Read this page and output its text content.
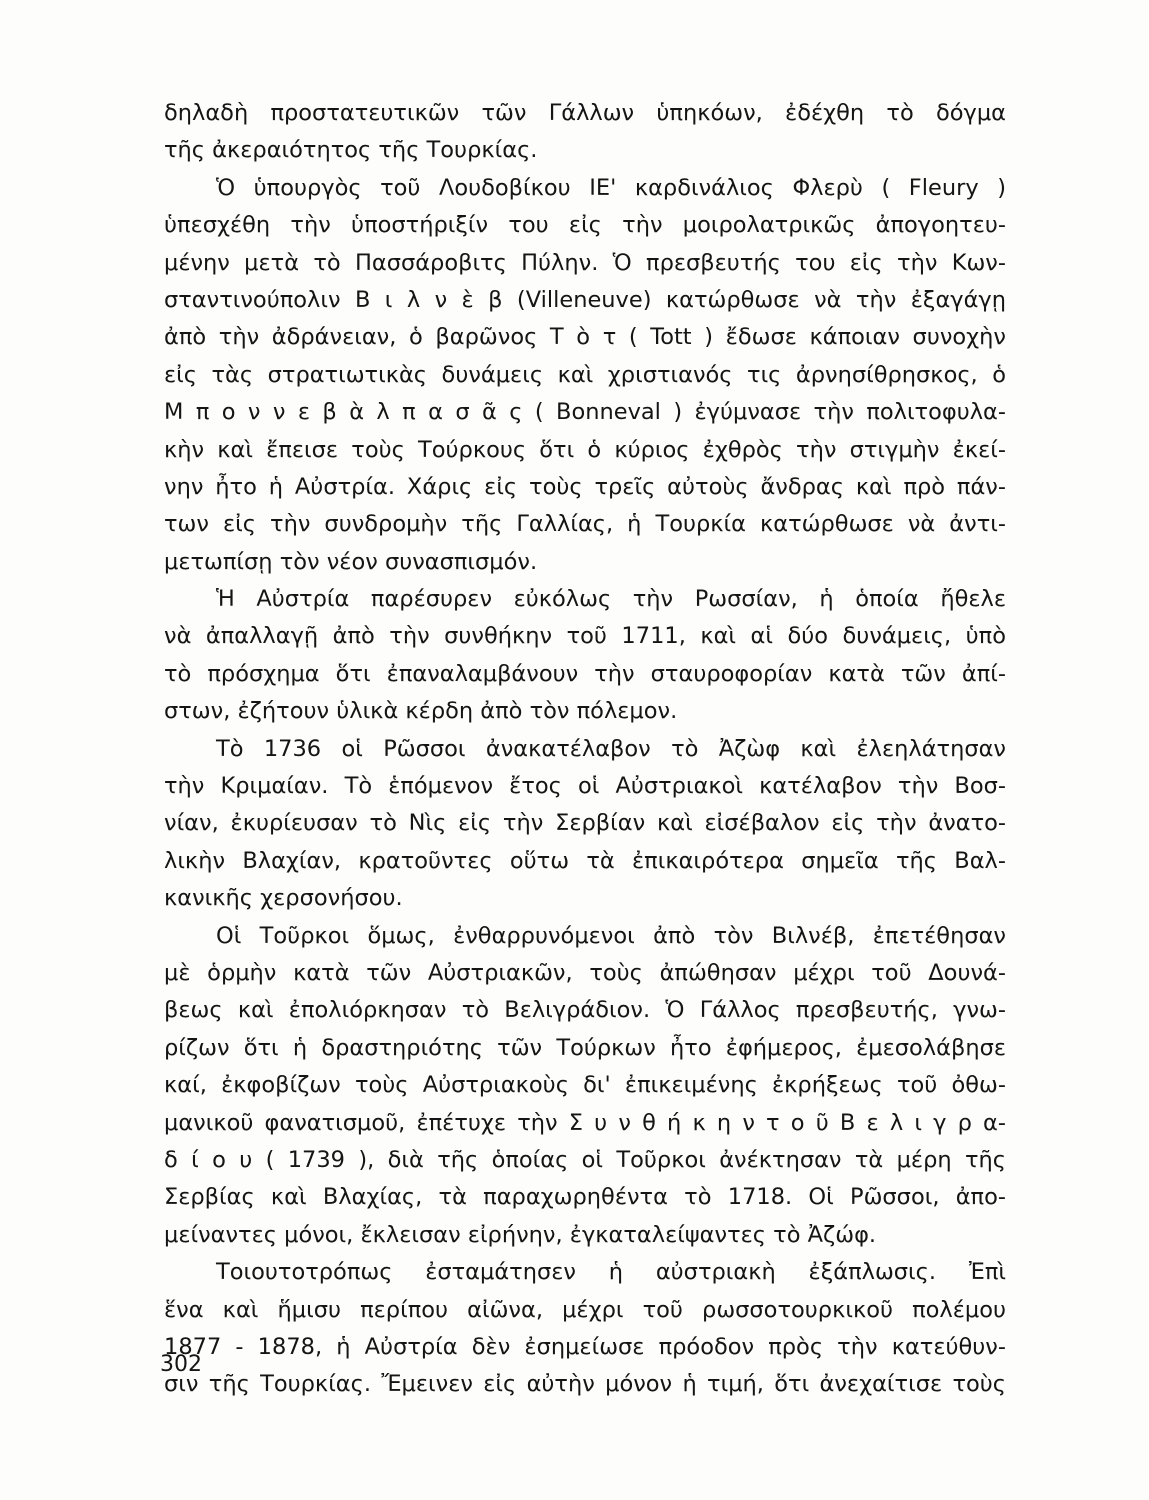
δηλαδὴ προστατευτικῶν τῶν Γάλλων ὑπηκόων, ἐδέχθη τὸ δόγμα
τῆς ἀκεραιότητος τῆς Τουρκίας.
Ὁ ὑπουργὸς τοῦ Λουδοβίκου ΙΕ' καρδινάλιος Φλερὺ ( Fleury )
ὑπεσχέθη τὴν ὑποστήριξίν του εἰς τὴν μοιρολατρικῶς ἀπογοητευ-
μένην μετὰ τὸ Πασσάροβιτς Πύλην. Ὁ πρεσβευτής του εἰς τὴν Κων-
σταντινούπολιν Β ι λ ν ὲ β (Villeneuve) κατώρθωσε νὰ τὴν ἐξαγάγῃ
ἀπὸ τὴν ἀδράνειαν, ὁ βαρῶνος Τ ὸ τ ( Tott ) ἔδωσε κάποιαν συνοχὴν
εἰς τὰς στρατιωτικὰς δυνάμεις καὶ χριστιανός τις ἀρνησίθρησκος, ὁ
Μ π ο ν ν ε β ὰ λ π α σ ᾶ ς ( Bonneval ) ἐγύμνασε τὴν πολιτοφυλα-
κὴν καὶ ἔπεισε τοὺς Τούρκους ὅτι ὁ κύριος ἐχθρὸς τὴν στιγμὴν ἐκεί-
νην ἦτο ἡ Αὐστρία. Χάρις εἰς τοὺς τρεῖς αὐτοὺς ἄνδρας καὶ πρὸ πάν-
των εἰς τὴν συνδρομὴν τῆς Γαλλίας, ἡ Τουρκία κατώρθωσε νὰ ἀντι-
μετωπίσῃ τὸν νέον συνασπισμόν.
Ἡ Αὐστρία παρέσυρεν εὐκόλως τὴν Ρωσσίαν, ἡ ὁποία ἤθελε
νὰ ἀπαλλαγῇ ἀπὸ τὴν συνθήκην τοῦ 1711, καὶ αἱ δύο δυνάμεις, ὑπὸ
τὸ πρόσχημα ὅτι ἐπαναλαμβάνουν τὴν σταυροφορίαν κατὰ τῶν ἀπί-
στων, ἐζήτουν ὑλικὰ κέρδη ἀπὸ τὸν πόλεμον.
Τὸ 1736 οἱ Ρῶσσοι ἀνακατέλαβον τὸ Ἀζὼφ καὶ ἐλεηλάτησαν
τὴν Κριμαίαν. Τὸ ἑπόμενον ἔτος οἱ Αὐστριακοὶ κατέλαβον τὴν Βοσ-
νίαν, ἐκυρίευσαν τὸ Νὶς εἰς τὴν Σερβίαν καὶ εἰσέβαλον εἰς τὴν ἀνατο-
λικὴν Βλαχίαν, κρατοῦντες οὕτω τὰ ἐπικαιρότερα σημεῖα τῆς Βαλ-
κανικῆς χερσονήσου.
Οἱ Τοῦρκοι ὅμως, ἐνθαρρυνόμενοι ἀπὸ τὸν Βιλνέβ, ἐπετέθησαν
μὲ ὁρμὴν κατὰ τῶν Αὐστριακῶν, τοὺς ἀπώθησαν μέχρι τοῦ Δουνά-
βεως καὶ ἐπολιόρκησαν τὸ Βελιγράδιον. Ὁ Γάλλος πρεσβευτής, γνω-
ρίζων ὅτι ἡ δραστηριότης τῶν Τούρκων ἦτο ἐφήμερος, ἐμεσολάβησε
καί, ἐκφοβίζων τοὺς Αὐστριακοὺς δι' ἐπικειμένης ἐκρήξεως τοῦ ὀθω-
μανικοῦ φανατισμοῦ, ἐπέτυχε τὴν Σ υ ν θ ή κ η ν τ ο ῦ Β ε λ ι γ ρ α-
δ ί ο υ ( 1739 ), διὰ τῆς ὁποίας οἱ Τοῦρκοι ἀνέκτησαν τὰ μέρη τῆς
Σερβίας καὶ Βλαχίας, τὰ παραχωρηθέντα τὸ 1718. Οἱ Ρῶσσοι, ἀπο-
μείναντες μόνοι, ἔκλεισαν εἰρήνην, ἐγκαταλείψαντες τὸ Ἀζώφ.
Τοιουτοτρόπως ἐσταμάτησεν ἡ αὐστριακὴ ἐξάπλωσις. Ἐπὶ
ἕνα καὶ ἥμισυ περίπου αἰῶνα, μέχρι τοῦ ρωσσοτουρκικοῦ πολέμου
1877 - 1878, ἡ Αὐστρία δὲν ἐσημείωσε πρόοδον πρὸς τὴν κατεύθυν-
σιν τῆς Τουρκίας. Ἔμεινεν εἰς αὐτὴν μόνον ἡ τιμή, ὅτι ἀνεχαίτισε τοὺς
302
